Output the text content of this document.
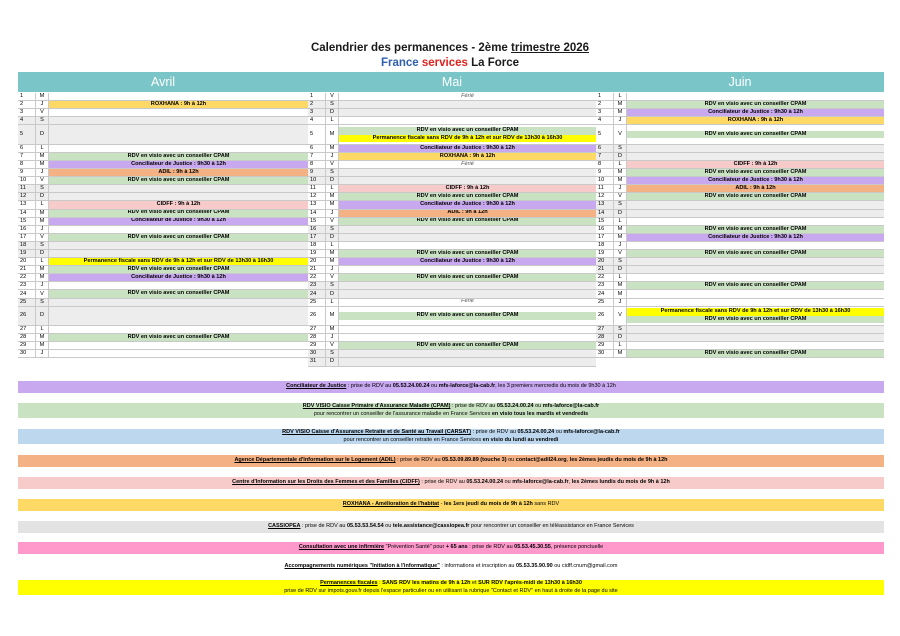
Calendrier des permanences - 2ème trimestre 2026
France services La Force
Avril	Mai	Juin
1	M
2	J	ROXHANA : 9h à 12h
3	V
4	S
5	D
6	L
7	M	RDV en visio avec un conseiller CPAM
8	M	Conciliateur de Justice : 9h30 à 12h
9	J	ADIL : 9h à 12h
10	V	RDV en visio avec un conseiller CPAM
11	S
12	D
13	L	CIDFF : 9h à 12h
14	M	RDV en visio avec un conseiller CPAM
15	M	Conciliateur de Justice : 9h30 à 12h
16	J
17	V	RDV en visio avec un conseiller CPAM
18	S
19	D
20	L	Permanence fiscale sans RDV de 9h à 12h et sur RDV de 13h30 à 16h30
21	M	RDV en visio avec un conseiller CPAM
22	M	Conciliateur de Justice : 9h30 à 12h
23	J
24	V	RDV en visio avec un conseiller CPAM
25	S
26	D
27	L
28	M	RDV en visio avec un conseiller CPAM
29	M
30	J
1	V	Férié
2	S
3	D
4	L
5	M
RDV en visio avec un conseiller CPAM
Permanence fiscale sans RDV de 9h à 12h et sur RDV de 13h30 à 16h30
6	M	Conciliateur de Justice : 9h30 à 12h
7	J	ROXHANA : 9h à 12h
8	V	Férié
9	S
10	D
11	L	CIDFF : 9h à 12h
12	M	RDV en visio avec un conseiller CPAM
13	M	Conciliateur de Justice : 9h30 à 12h
14	J	ADIL : 9h à 12h
15	V	RDV en visio avec un conseiller CPAM
16	S
17	D
18	L
19	M	RDV en visio avec un conseiller CPAM
20	M	Conciliateur de Justice : 9h30 à 12h
21	J
22	V	RDV en visio avec un conseiller CPAM
23	S
24	D
25	L	Férié
26	M	RDV en visio avec un conseiller CPAM
27	M
28	J
29	V	RDV en visio avec un conseiller CPAM
30	S
31	D
1	L
2	M	RDV en visio avec un conseiller CPAM
3	M	Conciliateur de Justice : 9h30 à 12h
4	J	ROXHANA : 9h à 12h
5	V	RDV en visio avec un conseiller CPAM
6	S
7	D
8	L	CIDFF : 9h à 12h
9	M	RDV en visio avec un conseiller CPAM
10	M	Conciliateur de Justice : 9h30 à 12h
11	J	ADIL : 9h à 12h
12	V	RDV en visio avec un conseiller CPAM
13	S
14	D
15	L
16	M	RDV en visio avec un conseiller CPAM
17	M	Conciliateur de Justice : 9h30 à 12h
18	J
19	V	RDV en visio avec un conseiller CPAM
20	S
21	D
22	L
23	M	RDV en visio avec un conseiller CPAM
24	M
25	J
26	V
Permanence fiscale sans RDV de 9h à 12h et sur RDV de 13h30 à 16h30
RDV en visio avec un conseiller CPAM
27	S
28	D
29	L
30	M	RDV en visio avec un conseiller CPAM
Conciliateur de Justice : prise de RDV au 05.53.24.00.24 ou mfs-laforce@la-cab.fr, les 3 premiers mercredis du mois de 9h30 à 12h
RDV VISIO Caisse Primaire d'Assurance Maladie (CPAM) : prise de RDV au 05.53.24.00.24 ou mfs-laforce@la-cab.fr
pour rencontrer un conseiller de l'assurance maladie en France Services en visio tous les mardis et vendredis
RDV VISIO Caisse d'Assurance Retraite et de Santé au Travail (CARSAT) : prise de RDV au 05.53.24.00.24 ou mfs-laforce@la-cab.fr
pour rencontrer un conseiller retraite en France Services en visio du lundi au vendredi
Agence Départementale d'Information sur le Logement (ADIL) : prise de RDV au 05.53.09.89.89 (touche 3) ou contact@adil24.org, les 2èmes jeudis du mois de 9h à 12h
Centre d'Information sur les Droits des Femmes et des Familles (CIDFF) : prise de RDV au 05.53.24.00.24 ou mfs-laforce@la-cab.fr, les 2èmes lundis du mois de 9h à 12h
ROXHANA - Amélioration de l'habitat - les 1ers jeudi du mois de 9h à 12h sans RDV
CASSIOPEA : prise de RDV au 05.53.53.54.54 ou tele.assistance@cassiopea.fr pour rencontrer un conseiller en téléassistance en France Services
Consultation avec une infirmière "Prévention Santé" pour + 65 ans : prise de RDV au 05.53.45.30.55, présence ponctuelle
Accompagnements numériques "Initiation à l'informatique" : informations et inscription au 05.53.35.90.90 ou cidff.cnum@gmail.com
Permanences fiscales : SANS RDV les matins de 9h à 12h et SUR RDV l'après-midi de 13h30 à 16h30
prise de RDV sur impots.gouv.fr depuis l'espace particulier ou en utilisant la rubrique "Contact et RDV" en haut à droite de la page du site
